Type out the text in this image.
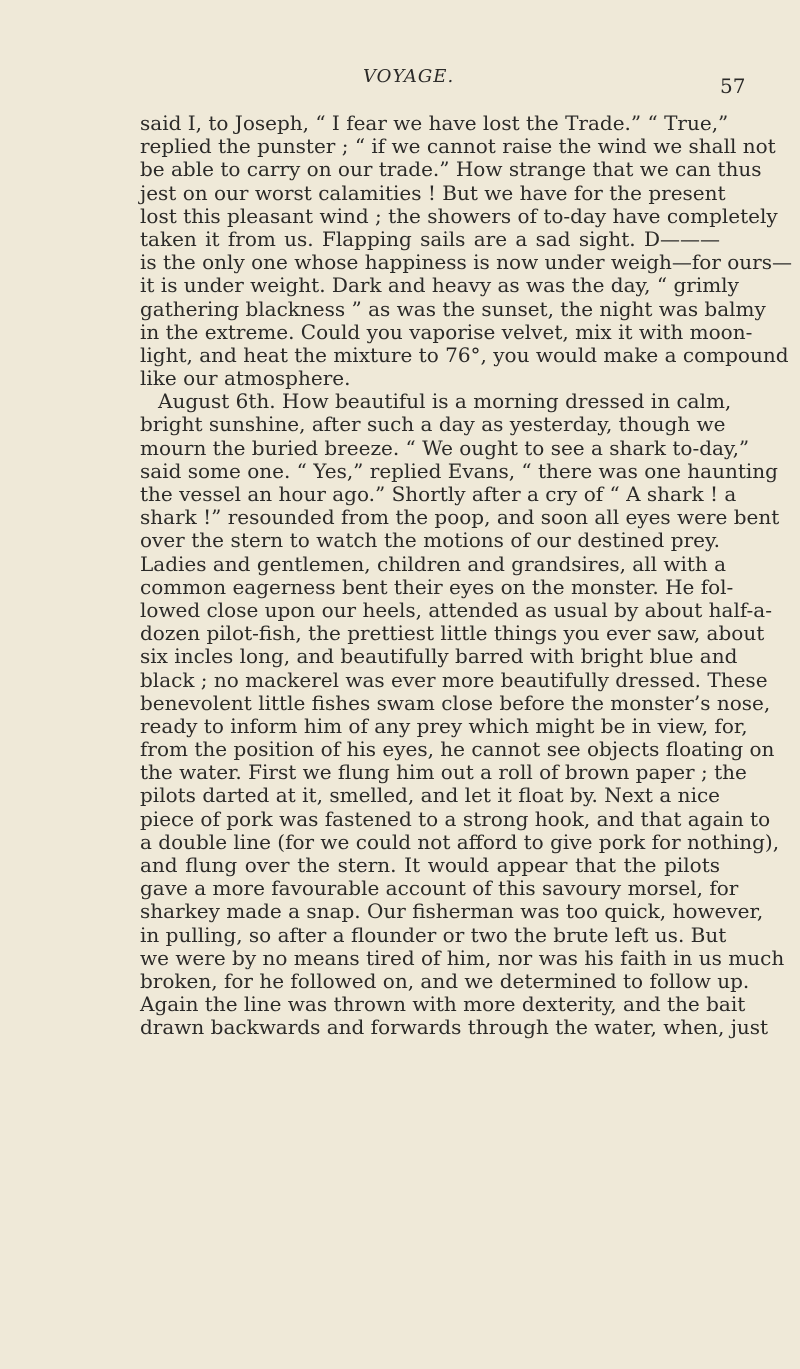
VOYAGE.	57
said I, to Joseph, “ I fear we have lost the Trade.” “ True,”
replied the punster ; “ if we cannot raise the wind we shall not
be able to carry on our trade.” How strange that we can thus
jest on our worst calamities ! But we have for the present
lost this pleasant wind ; the showers of to-day have completely
taken it from us. Flapping sails are a sad sight. D———
is the only one whose happiness is now under weigh—for ours—
it is under weight. Dark and heavy as was the day, “ grimly
gathering blackness ” as was the sunset, the night was balmy
in the extreme. Could you vaporise velvet, mix it with moon-
light, and heat the mixture to 76°, you would make a compound
like our atmosphere.
August 6th. How beautiful is a morning dressed in calm,
bright sunshine, after such a day as yesterday, though we
mourn the buried breeze. “ We ought to see a shark to-day,”
said some one. “ Yes,” replied Evans, “ there was one haunting
the vessel an hour ago.” Shortly after a cry of “ A shark ! a
shark !” resounded from the poop, and soon all eyes were bent
over the stern to watch the motions of our destined prey.
Ladies and gentlemen, children and grandsires, all with a
common eagerness bent their eyes on the monster. He fol-
lowed close upon our heels, attended as usual by about half-a-
dozen pilot-fish, the prettiest little things you ever saw, about
six incles long, and beautifully barred with bright blue and
black ; no mackerel was ever more beautifully dressed. These
benevolent little fishes swam close before the monster’s nose,
ready to inform him of any prey which might be in view, for,
from the position of his eyes, he cannot see objects floating on
the water. First we flung him out a roll of brown paper ; the
pilots darted at it, smelled, and let it float by. Next a nice
piece of pork was fastened to a strong hook, and that again to
a double line (for we could not afford to give pork for nothing),
and flung over the stern. It would appear that the pilots
gave a more favourable account of this savoury morsel, for
sharkey made a snap. Our fisherman was too quick, however,
in pulling, so after a flounder or two the brute left us. But
we were by no means tired of him, nor was his faith in us much
broken, for he followed on, and we determined to follow up.
Again the line was thrown with more dexterity, and the bait
drawn backwards and forwards through the water, when, just
